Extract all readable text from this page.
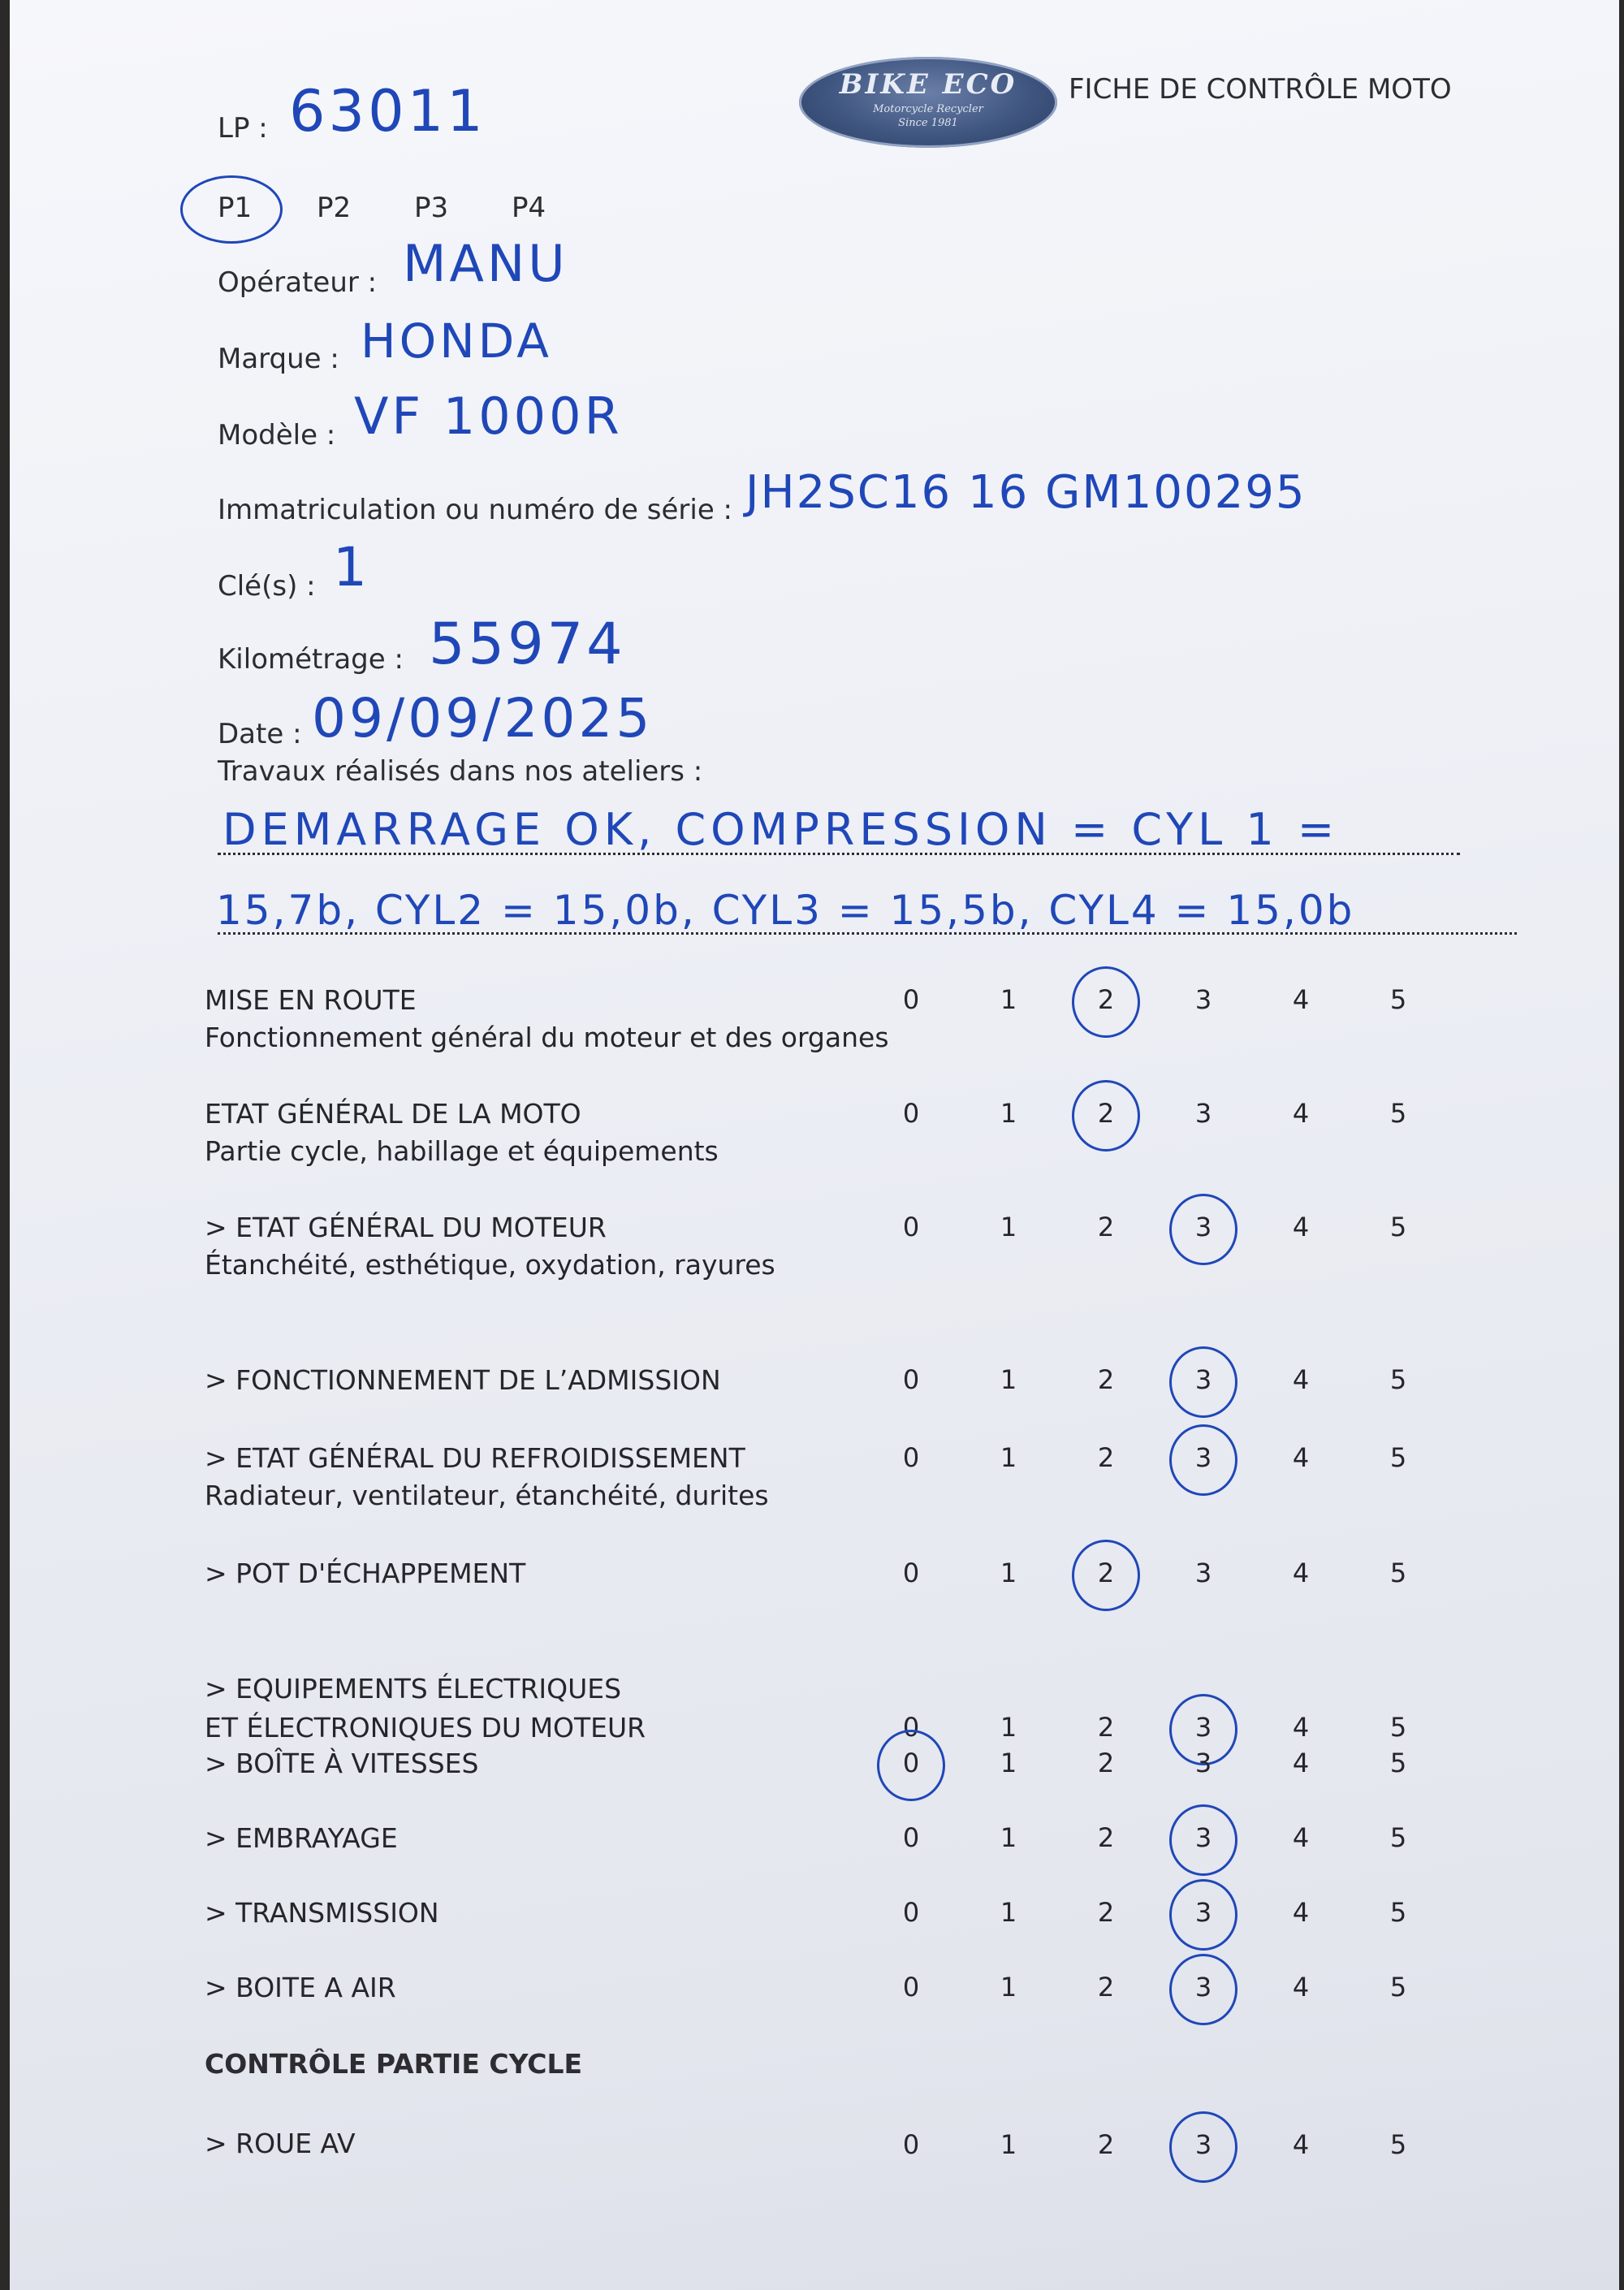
LP : 63011	BIKE ECO
Motorcycle Recycler
Since 1981
FICHE DE CONTRÔLE MOTO
P1 P2 P3 P4
Opérateur : MANU
Marque : HONDA
Modèle : VF 1000R
Immatriculation ou numéro de série : JH2SC16 16 GM100295
Clé(s) : 1
Kilométrage : 55974
Date : 09/09/2025
Travaux réalisés dans nos ateliers :
DEMARRAGE OK, COMPRESSION = CYL 1 =
15,7b, CYL2 = 15,0b, CYL3 = 15,5b, CYL4 = 15,0b
CONTRÔLE PARTIE CYCLE
MISE EN ROUTE
Fonctionnement général du moteur et des organes
0	1	2	3	4	5
ETAT GÉNÉRAL DE LA MOTO
Partie cycle, habillage et équipements
0	1	2	3	4	5
> ETAT GÉNÉRAL DU MOTEUR
Étanchéité, esthétique, oxydation, rayures
0	1	2	3	4	5
> FONCTIONNEMENT DE L’ADMISSION	0	1	2	3	4	5
> ETAT GÉNÉRAL DU REFROIDISSEMENT
Radiateur, ventilateur, étanchéité, durites
0	1	2	3	4	5
> POT D'ÉCHAPPEMENT	0	1	2	3	4	5
> EQUIPEMENTS ÉLECTRIQUES
ET ÉLECTRONIQUES DU MOTEUR	0	1	2	3	4	5
> BOÎTE À VITESSES	0	1	2	3	4	5
> EMBRAYAGE	0	1	2	3	4	5
> TRANSMISSION	0	1	2	3	4	5
> BOITE A AIR	0	1	2	3	4	5
> ROUE AV	0	1	2	3	4	5
